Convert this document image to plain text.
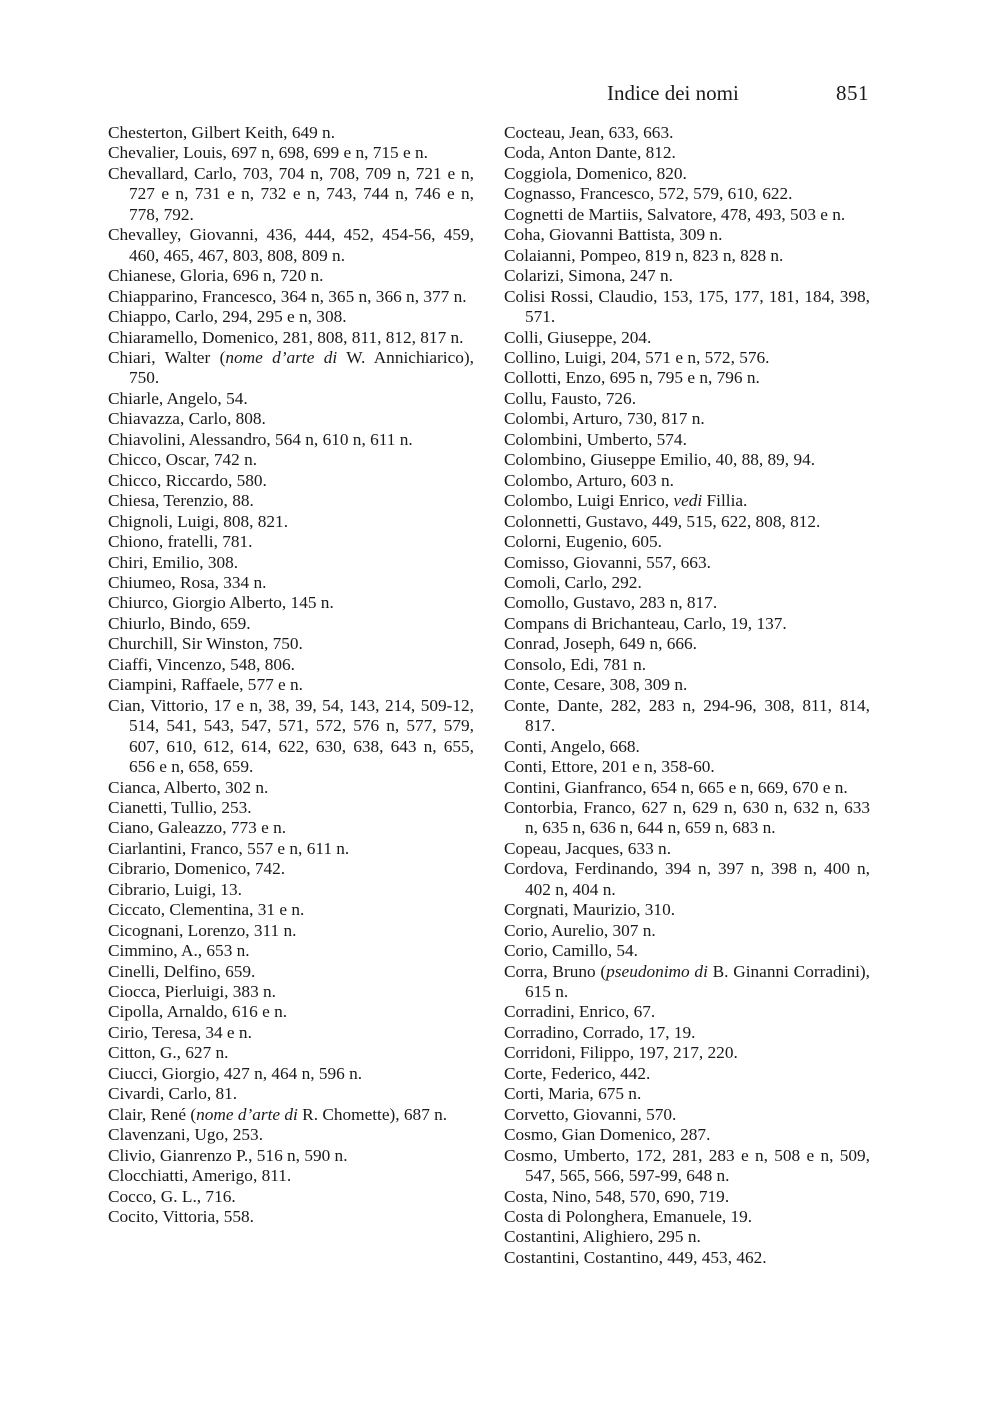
Indice dei nomi	851

Chesterton, Gilbert Keith, 649 n.

Chevalier, Louis, 697 n, 698, 699 e n, 715 e n.

Chevallard, Carlo, 703, 704 n, 708, 709 n, 721 e n, 727 e n, 731 e n, 732 e n, 743, 744 n, 746 e n, 778, 792.

Chevalley, Giovanni, 436, 444, 452, 454-56, 459, 460, 465, 467, 803, 808, 809 n.

Chianese, Gloria, 696 n, 720 n.

Chiapparino, Francesco, 364 n, 365 n, 366 n, 377 n.

Chiappo, Carlo, 294, 295 e n, 308.

Chiaramello, Domenico, 281, 808, 811, 812, 817 n.

Chiari, Walter (nome d’arte di W. Annichiarico), 750.

Chiarle, Angelo, 54.

Chiavazza, Carlo, 808.

Chiavolini, Alessandro, 564 n, 610 n, 611 n.

Chicco, Oscar, 742 n.

Chicco, Riccardo, 580.

Chiesa, Terenzio, 88.

Chignoli, Luigi, 808, 821.

Chiono, fratelli, 781.

Chiri, Emilio, 308.

Chiumeo, Rosa, 334 n.

Chiurco, Giorgio Alberto, 145 n.

Chiurlo, Bindo, 659.

Churchill, Sir Winston, 750.

Ciaffi, Vincenzo, 548, 806.

Ciampini, Raffaele, 577 e n.

Cian, Vittorio, 17 e n, 38, 39, 54, 143, 214, 509-12, 514, 541, 543, 547, 571, 572, 576 n, 577, 579, 607, 610, 612, 614, 622, 630, 638, 643 n, 655, 656 e n, 658, 659.

Cianca, Alberto, 302 n.

Cianetti, Tullio, 253.

Ciano, Galeazzo, 773 e n.

Ciarlantini, Franco, 557 e n, 611 n.

Cibrario, Domenico, 742.

Cibrario, Luigi, 13.

Ciccato, Clementina, 31 e n.

Cicognani, Lorenzo, 311 n.

Cimmino, A., 653 n.

Cinelli, Delfino, 659.

Ciocca, Pierluigi, 383 n.

Cipolla, Arnaldo, 616 e n.

Cirio, Teresa, 34 e n.

Citton, G., 627 n.

Ciucci, Giorgio, 427 n, 464 n, 596 n.

Civardi, Carlo, 81.

Clair, René (nome d’arte di R. Chomette), 687 n.

Clavenzani, Ugo, 253.

Clivio, Gianrenzo P., 516 n, 590 n.

Clocchiatti, Amerigo, 811.

Cocco, G. L., 716.

Cocito, Vittoria, 558.

Cocteau, Jean, 633, 663.

Coda, Anton Dante, 812.

Coggiola, Domenico, 820.

Cognasso, Francesco, 572, 579, 610, 622.

Cognetti de Martiis, Salvatore, 478, 493, 503 e n.

Coha, Giovanni Battista, 309 n.

Colaianni, Pompeo, 819 n, 823 n, 828 n.

Colarizi, Simona, 247 n.

Colisi Rossi, Claudio, 153, 175, 177, 181, 184, 398, 571.

Colli, Giuseppe, 204.

Collino, Luigi, 204, 571 e n, 572, 576.

Collotti, Enzo, 695 n, 795 e n, 796 n.

Collu, Fausto, 726.

Colombi, Arturo, 730, 817 n.

Colombini, Umberto, 574.

Colombino, Giuseppe Emilio, 40, 88, 89, 94.

Colombo, Arturo, 603 n.

Colombo, Luigi Enrico, vedi Fillia.

Colonnetti, Gustavo, 449, 515, 622, 808, 812.

Colorni, Eugenio, 605.

Comisso, Giovanni, 557, 663.

Comoli, Carlo, 292.

Comollo, Gustavo, 283 n, 817.

Compans di Brichanteau, Carlo, 19, 137.

Conrad, Joseph, 649 n, 666.

Consolo, Edi, 781 n.

Conte, Cesare, 308, 309 n.

Conte, Dante, 282, 283 n, 294-96, 308, 811, 814, 817.

Conti, Angelo, 668.

Conti, Ettore, 201 e n, 358-60.

Contini, Gianfranco, 654 n, 665 e n, 669, 670 e n.

Contorbia, Franco, 627 n, 629 n, 630 n, 632 n, 633 n, 635 n, 636 n, 644 n, 659 n, 683 n.

Copeau, Jacques, 633 n.

Cordova, Ferdinando, 394 n, 397 n, 398 n, 400 n, 402 n, 404 n.

Corgnati, Maurizio, 310.

Corio, Aurelio, 307 n.

Corio, Camillo, 54.

Corra, Bruno (pseudonimo di B. Ginanni Corradini), 615 n.

Corradini, Enrico, 67.

Corradino, Corrado, 17, 19.

Corridoni, Filippo, 197, 217, 220.

Corte, Federico, 442.

Corti, Maria, 675 n.

Corvetto, Giovanni, 570.

Cosmo, Gian Domenico, 287.

Cosmo, Umberto, 172, 281, 283 e n, 508 e n, 509, 547, 565, 566, 597-99, 648 n.

Costa, Nino, 548, 570, 690, 719.

Costa di Polonghera, Emanuele, 19.

Costantini, Alighiero, 295 n.

Costantini, Costantino, 449, 453, 462.
